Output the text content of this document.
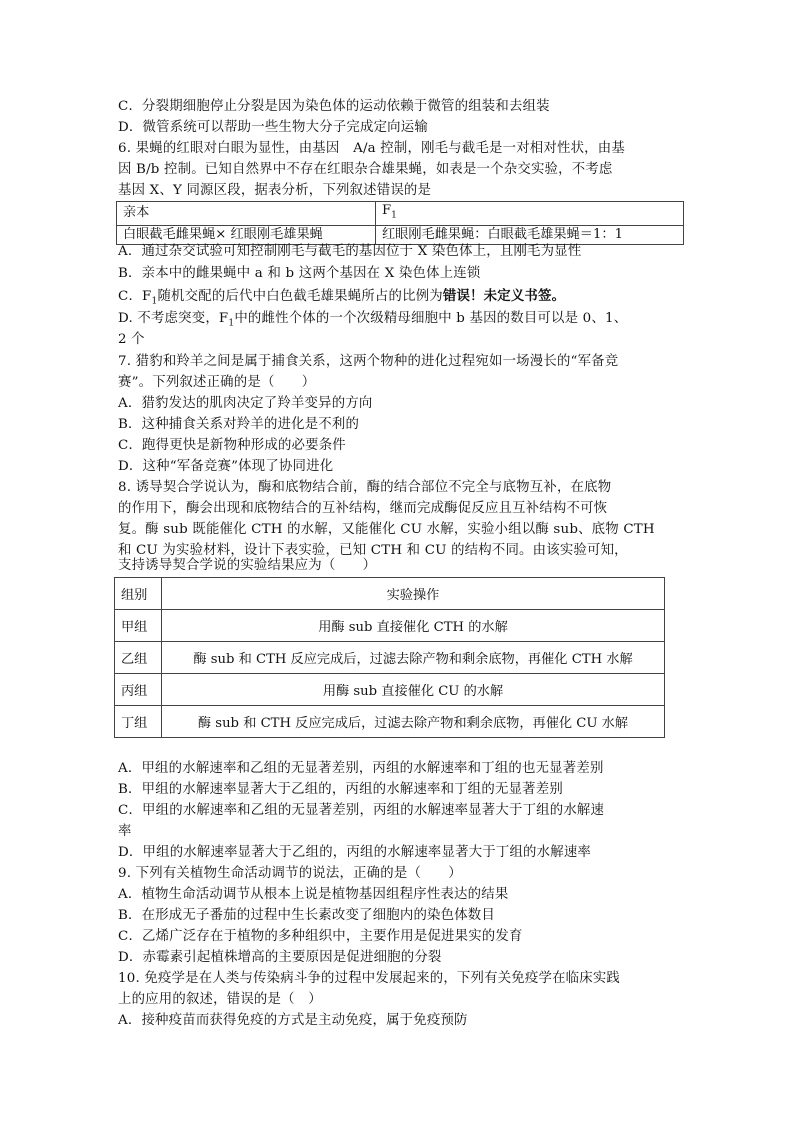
C．分裂期细胞停止分裂是因为染色体的运动依赖于微管的组装和去组装
D．微管系统可以帮助一些生物大分子完成定向运输
6. 果蝇的红眼对白眼为显性，由基因　A/a 控制，刚毛与截毛是一对相对性状，由基
因 B/b 控制。已知自然界中不存在红眼杂合雄果蝇，如表是一个杂交实验，不考虑
基因 X、Y 同源区段，据表分析，下列叙述错误的是
亲本	$F_1$
白眼截毛雌果蝇× 红眼刚毛雄果蝇	红眼刚毛雌果蝇：白眼截毛雄果蝇＝1：1
A．通过杂交试验可知控制刚毛与截毛的基因位于 X 染色体上，且刚毛为显性
B．亲本中的雌果蝇中 a 和 b 这两个基因在 X 染色体上连锁
C．$F_1$随机交配的后代中白色截毛雄果蝇所占的比例为错误！未定义书签。
D. 不考虑突变，$F_1$中的雌性个体的一个次级精母细胞中 b 基因的数目可以是 0、1、
2 个
7. 猎豹和羚羊之间是属于捕食关系，这两个物种的进化过程宛如一场漫长的“军备竞
赛”。下列叙述正确的是（　　）
A．猎豹发达的肌肉决定了羚羊变异的方向
B．这种捕食关系对羚羊的进化是不利的
C．跑得更快是新物种形成的必要条件
D．这种“军备竞赛”体现了协同进化
8. 诱导契合学说认为，酶和底物结合前，酶的结合部位不完全与底物互补，在底物
的作用下，酶会出现和底物结合的互补结构，继而完成酶促反应且互补结构不可恢
复。酶 sub 既能催化 CTH 的水解，又能催化 CU 水解，实验小组以酶 sub、底物 CTH
和 CU 为实验材料，设计下表实验，已知 CTH 和 CU 的结构不同。由该实验可知，
支持诱导契合学说的实验结果应为（　　）
组别	实验操作
甲组	用酶 sub 直接催化 CTH 的水解
乙组	酶 sub 和 CTH 反应完成后，过滤去除产物和剩余底物，再催化 CTH 水解
丙组	用酶 sub 直接催化 CU 的水解
丁组	酶 sub 和 CTH 反应完成后，过滤去除产物和剩余底物，再催化 CU 水解
A．甲组的水解速率和乙组的无显著差别，丙组的水解速率和丁组的也无显著差别
B．甲组的水解速率显著大于乙组的，丙组的水解速率和丁组的无显著差别
C．甲组的水解速率和乙组的无显著差别，丙组的水解速率显著大于丁组的水解速
率
D．甲组的水解速率显著大于乙组的，丙组的水解速率显著大于丁组的水解速率
9. 下列有关植物生命活动调节的说法，正确的是（　　）
A．植物生命活动调节从根本上说是植物基因组程序性表达的结果
B．在形成无子番茄的过程中生长素改变了细胞内的染色体数目
C．乙烯广泛存在于植物的多种组织中，主要作用是促进果实的发育
D．赤霉素引起植株增高的主要原因是促进细胞的分裂
10. 免疫学是在人类与传染病斗争的过程中发展起来的，下列有关免疫学在临床实践
上的应用的叙述，错误的是（　）
A．接种疫苗而获得免疫的方式是主动免疫，属于免疫预防
